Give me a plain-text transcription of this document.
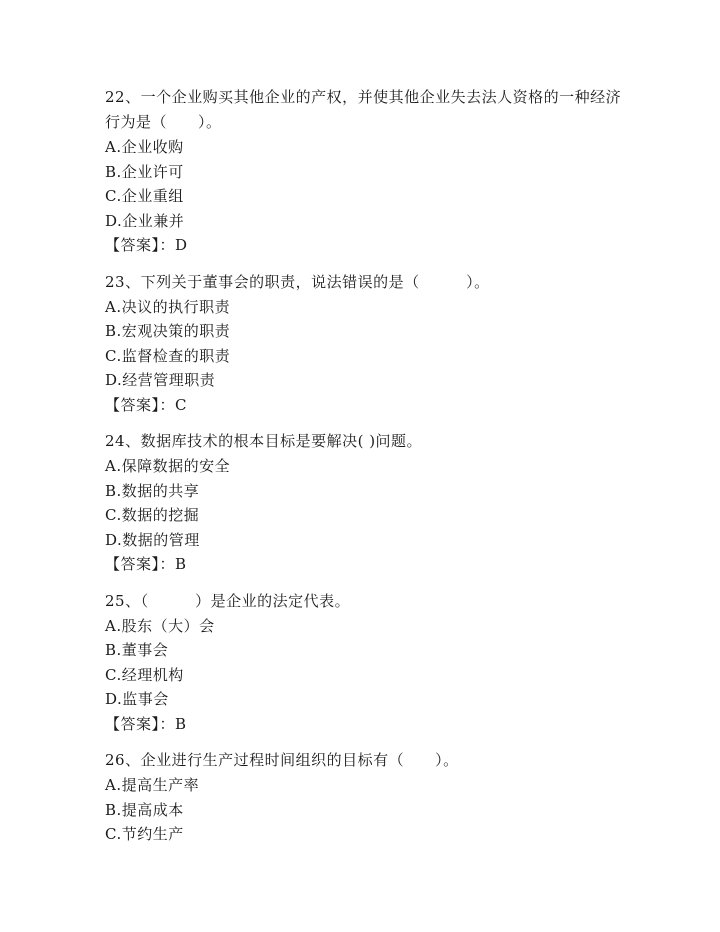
22、一个企业购买其他企业的产权，并使其他企业失去法人资格的一种经济行为是（　　）。

A.企业收购

B.企业许可

C.企业重组

D.企业兼并

【答案】：D

23、下列关于董事会的职责，说法错误的是（　　　）。

A.决议的执行职责

B.宏观决策的职责

C.监督检查的职责

D.经营管理职责

【答案】：C

24、数据库技术的根本目标是要解决( )问题。

A.保障数据的安全

B.数据的共享

C.数据的挖掘

D.数据的管理

【答案】：B

25、（　　　）是企业的法定代表。

A.股东（大）会

B.董事会

C.经理机构

D.监事会

【答案】：B

26、企业进行生产过程时间组织的目标有（　　）。

A.提高生产率

B.提高成本

C.节约生产
